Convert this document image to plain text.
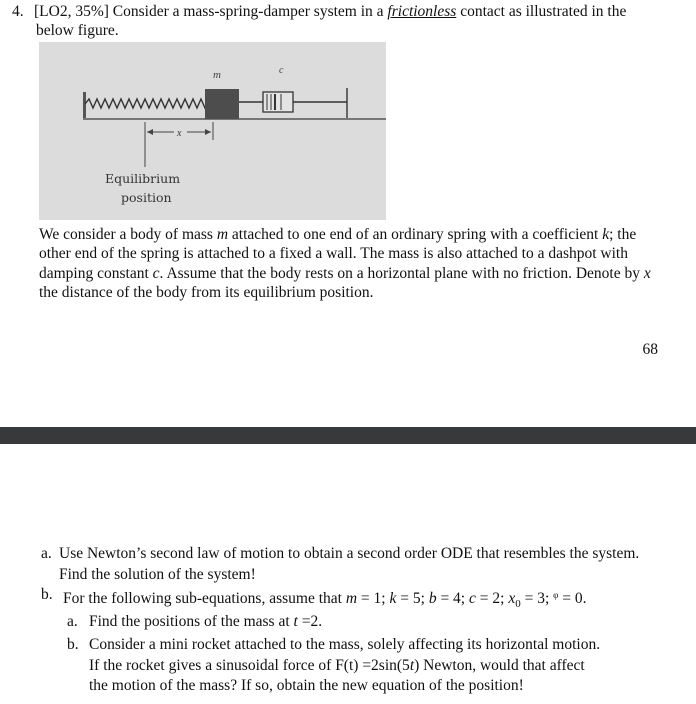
4. [LO2, 35%] Consider a mass-spring-damper system in a frictionless contact as illustrated in the
below figure.
m	c
x
Equilibrium
position
We consider a body of mass m attached to one end of an ordinary spring with a coefficient k; the
other end of the spring is attached to a fixed a wall. The mass is also attached to a dashpot with
damping constant c. Assume that the body rests on a horizontal plane with no friction. Denote by x
the distance of the body from its equilibrium position.
68
a. Use Newton’s second law of motion to obtain a second order ODE that resembles the system.
Find the solution of the system!
b. For the following sub-equations, assume that m = 1; k = 5; b = 4; c = 2; $x_0 = 3$; $^\varphi$ = 0.
a. Find the positions of the mass at t =2.
b. Consider a mini rocket attached to the mass, solely affecting its horizontal motion.
If the rocket gives a sinusoidal force of F(t) =2sin(5t) Newton, would that affect
the motion of the mass? If so, obtain the new equation of the position!
